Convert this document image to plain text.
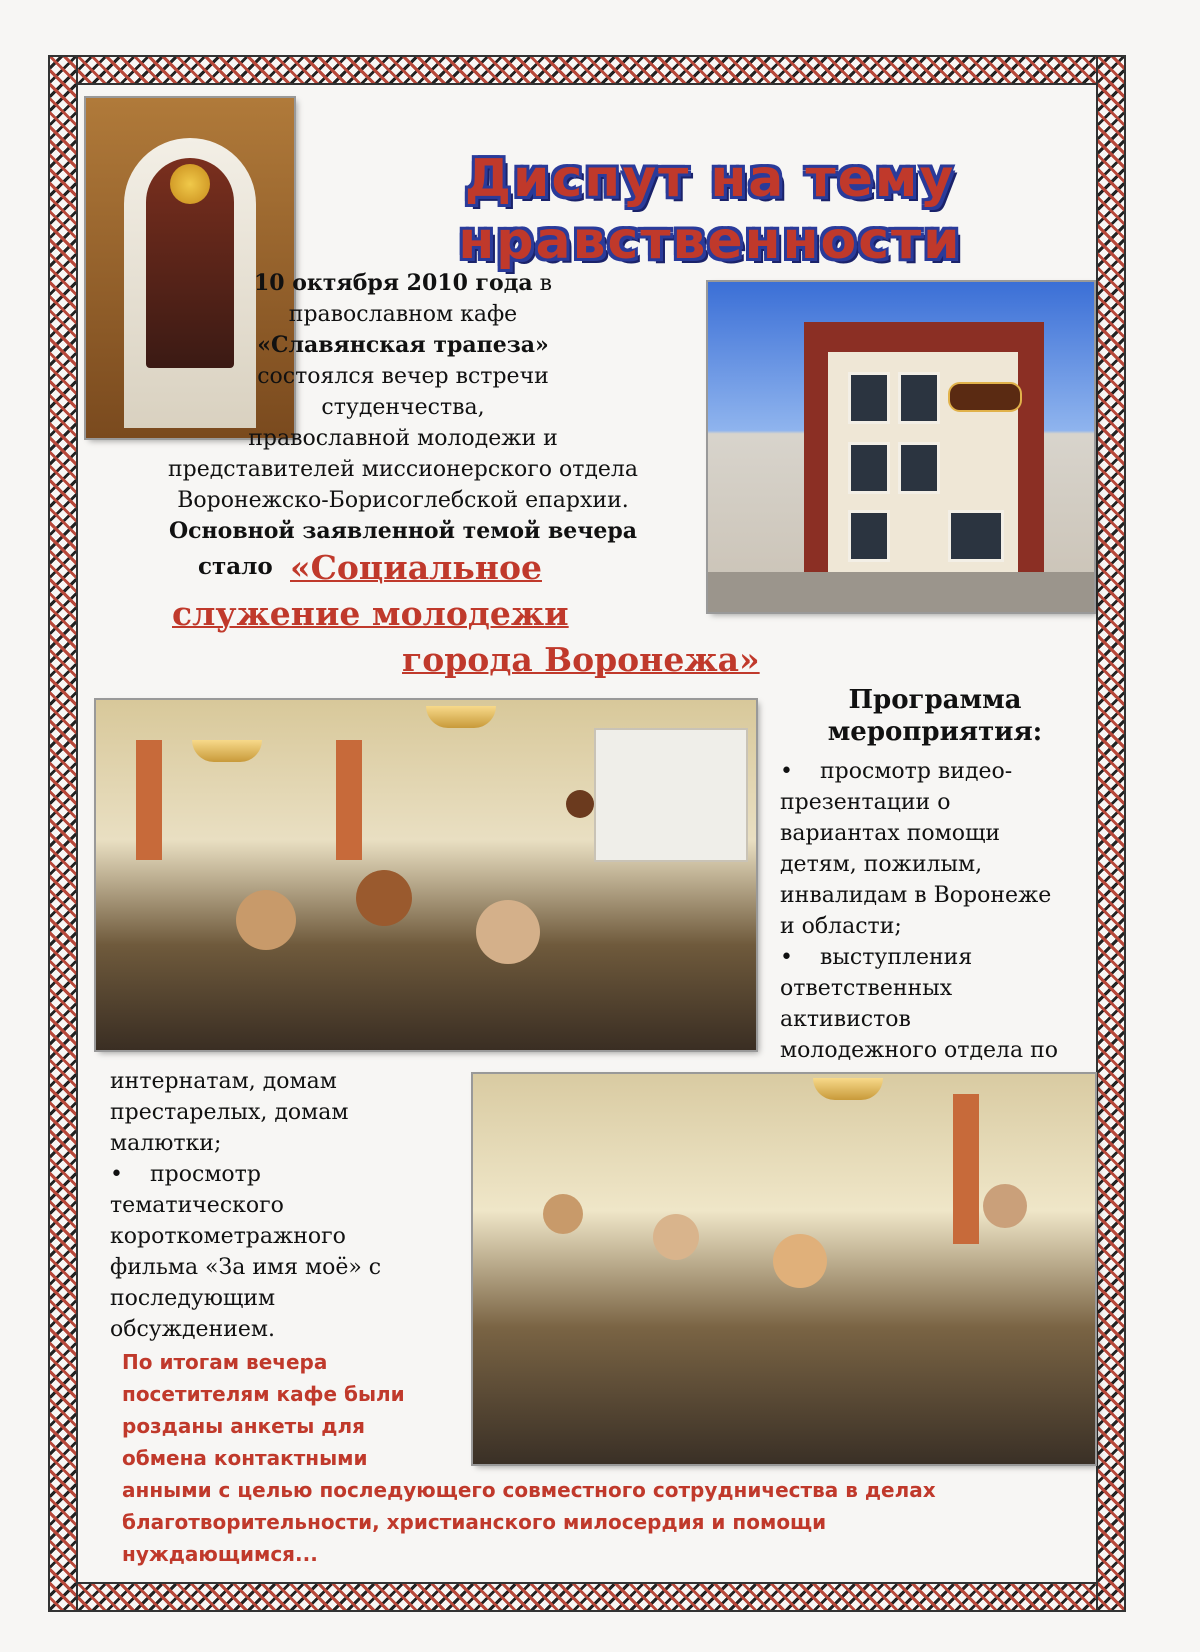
Диспут на тему
нравственности
10 октября 2010 года в
православном кафе
«Славянская трапеза»
состоялся вечер встречи
студенчества,
православной молодежи и
представителей миссионерского отдела
Воронежско-Борисоглебской епархии.
Основной заявленной темой вечера
стало «Социальное
служение молодежи
города Воронежа»
Программа
мероприятия:
• просмотр видео-
презентации о
вариантах помощи
детям, пожилым,
инвалидам в Воронеже
и области;
• выступления
ответственных
активистов
молодежного отдела по
интернатам, домам
престарелых, домам
малютки;
• просмотр
тематического
короткометражного
фильма «За имя моё» с
последующим
обсуждением.
По итогам вечера
посетителям кафе были
розданы анкеты для
обмена контактными
анными с целью последующего совместного сотрудничества в делах
благотворительности, христианского милосердия и помощи
нуждающимся...
